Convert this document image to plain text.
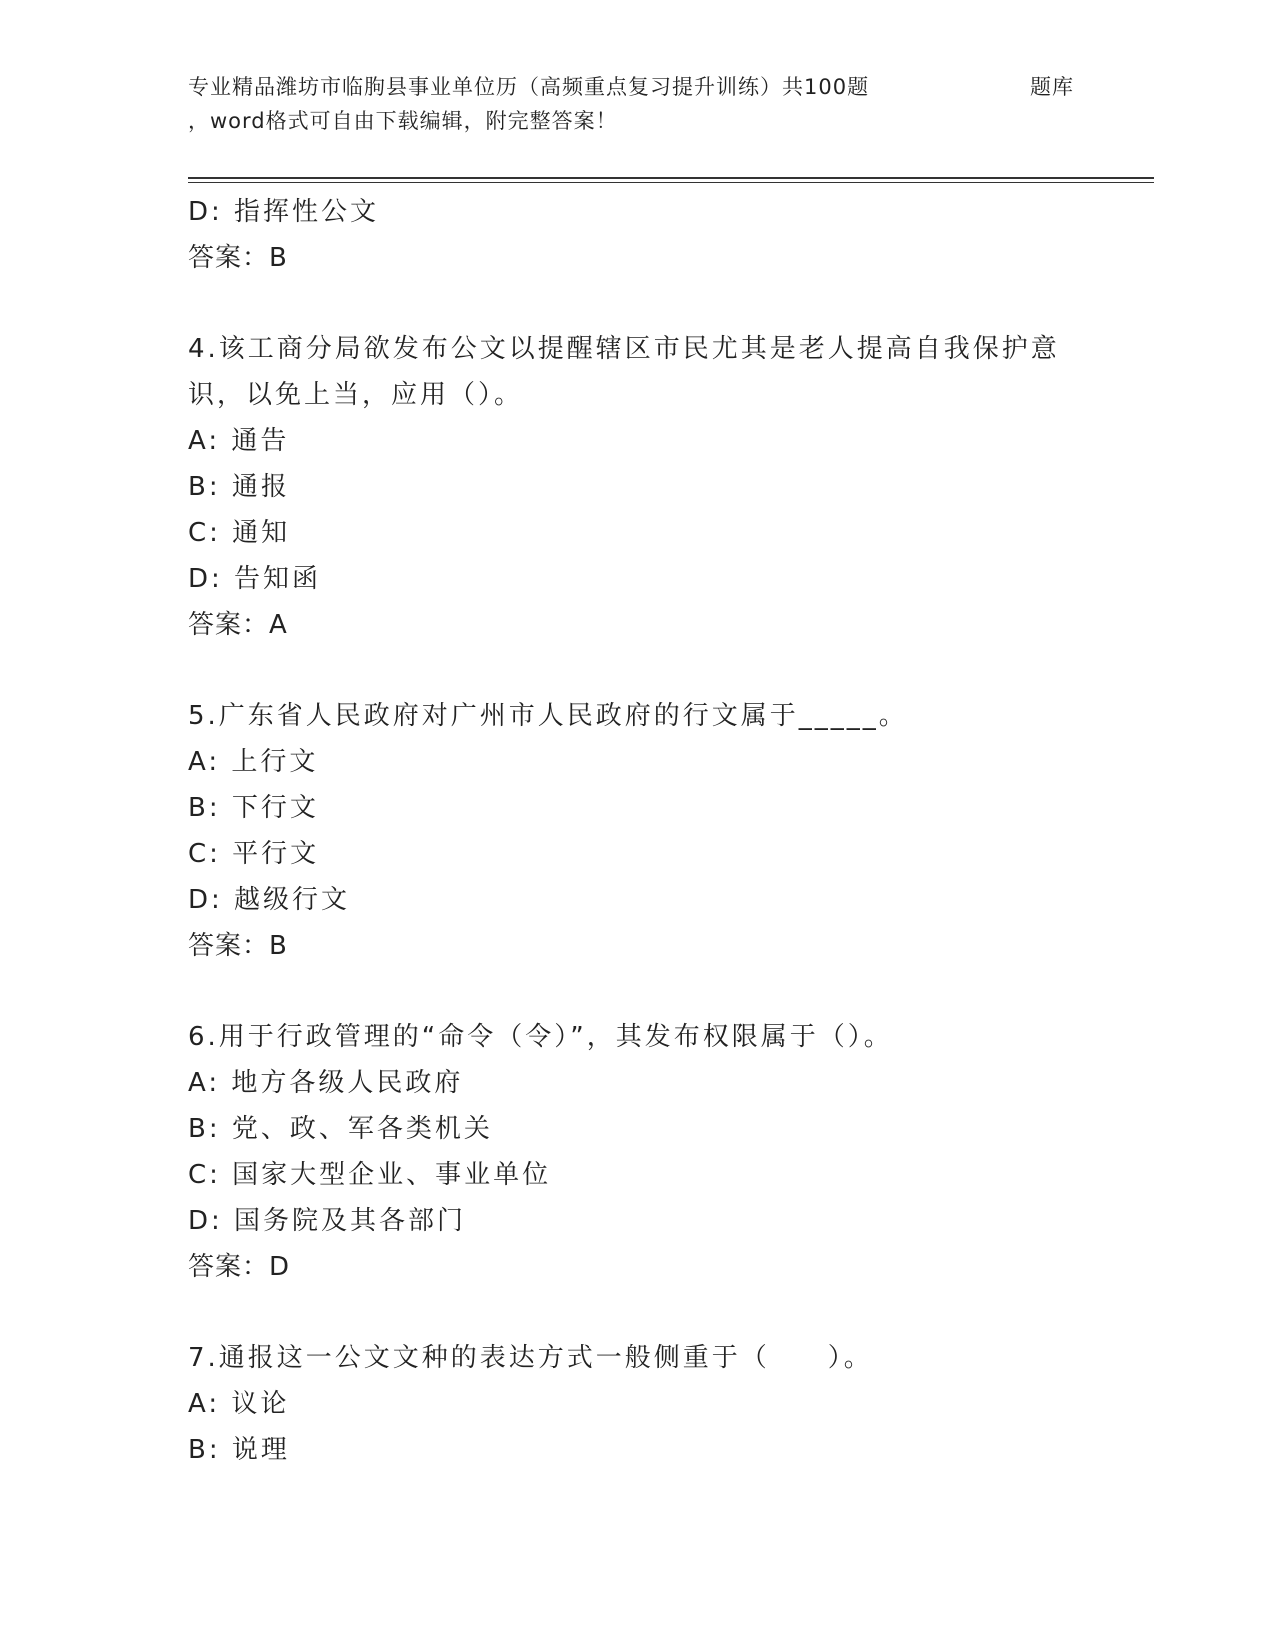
专业精品潍坊市临朐县事业单位历（高频重点复习提升训练）共100题	题库
，word格式可自由下载编辑，附完整答案！
D: 指挥性公文
答案：B
4.该工商分局欲发布公文以提醒辖区市民尤其是老人提高自我保护意
识，以免上当，应用（）。
A: 通告
B: 通报
C: 通知
D: 告知函
答案：A
5.广东省人民政府对广州市人民政府的行文属于_____。
A: 上行文
B: 下行文
C: 平行文
D: 越级行文
答案：B
6.用于行政管理的“命令（令）”，其发布权限属于（）。
A: 地方各级人民政府
B: 党、政、军各类机关
C: 国家大型企业、事业单位
D: 国务院及其各部门
答案：D
7.通报这一公文文种的表达方式一般侧重于（　　）。
A: 议论
B: 说理
